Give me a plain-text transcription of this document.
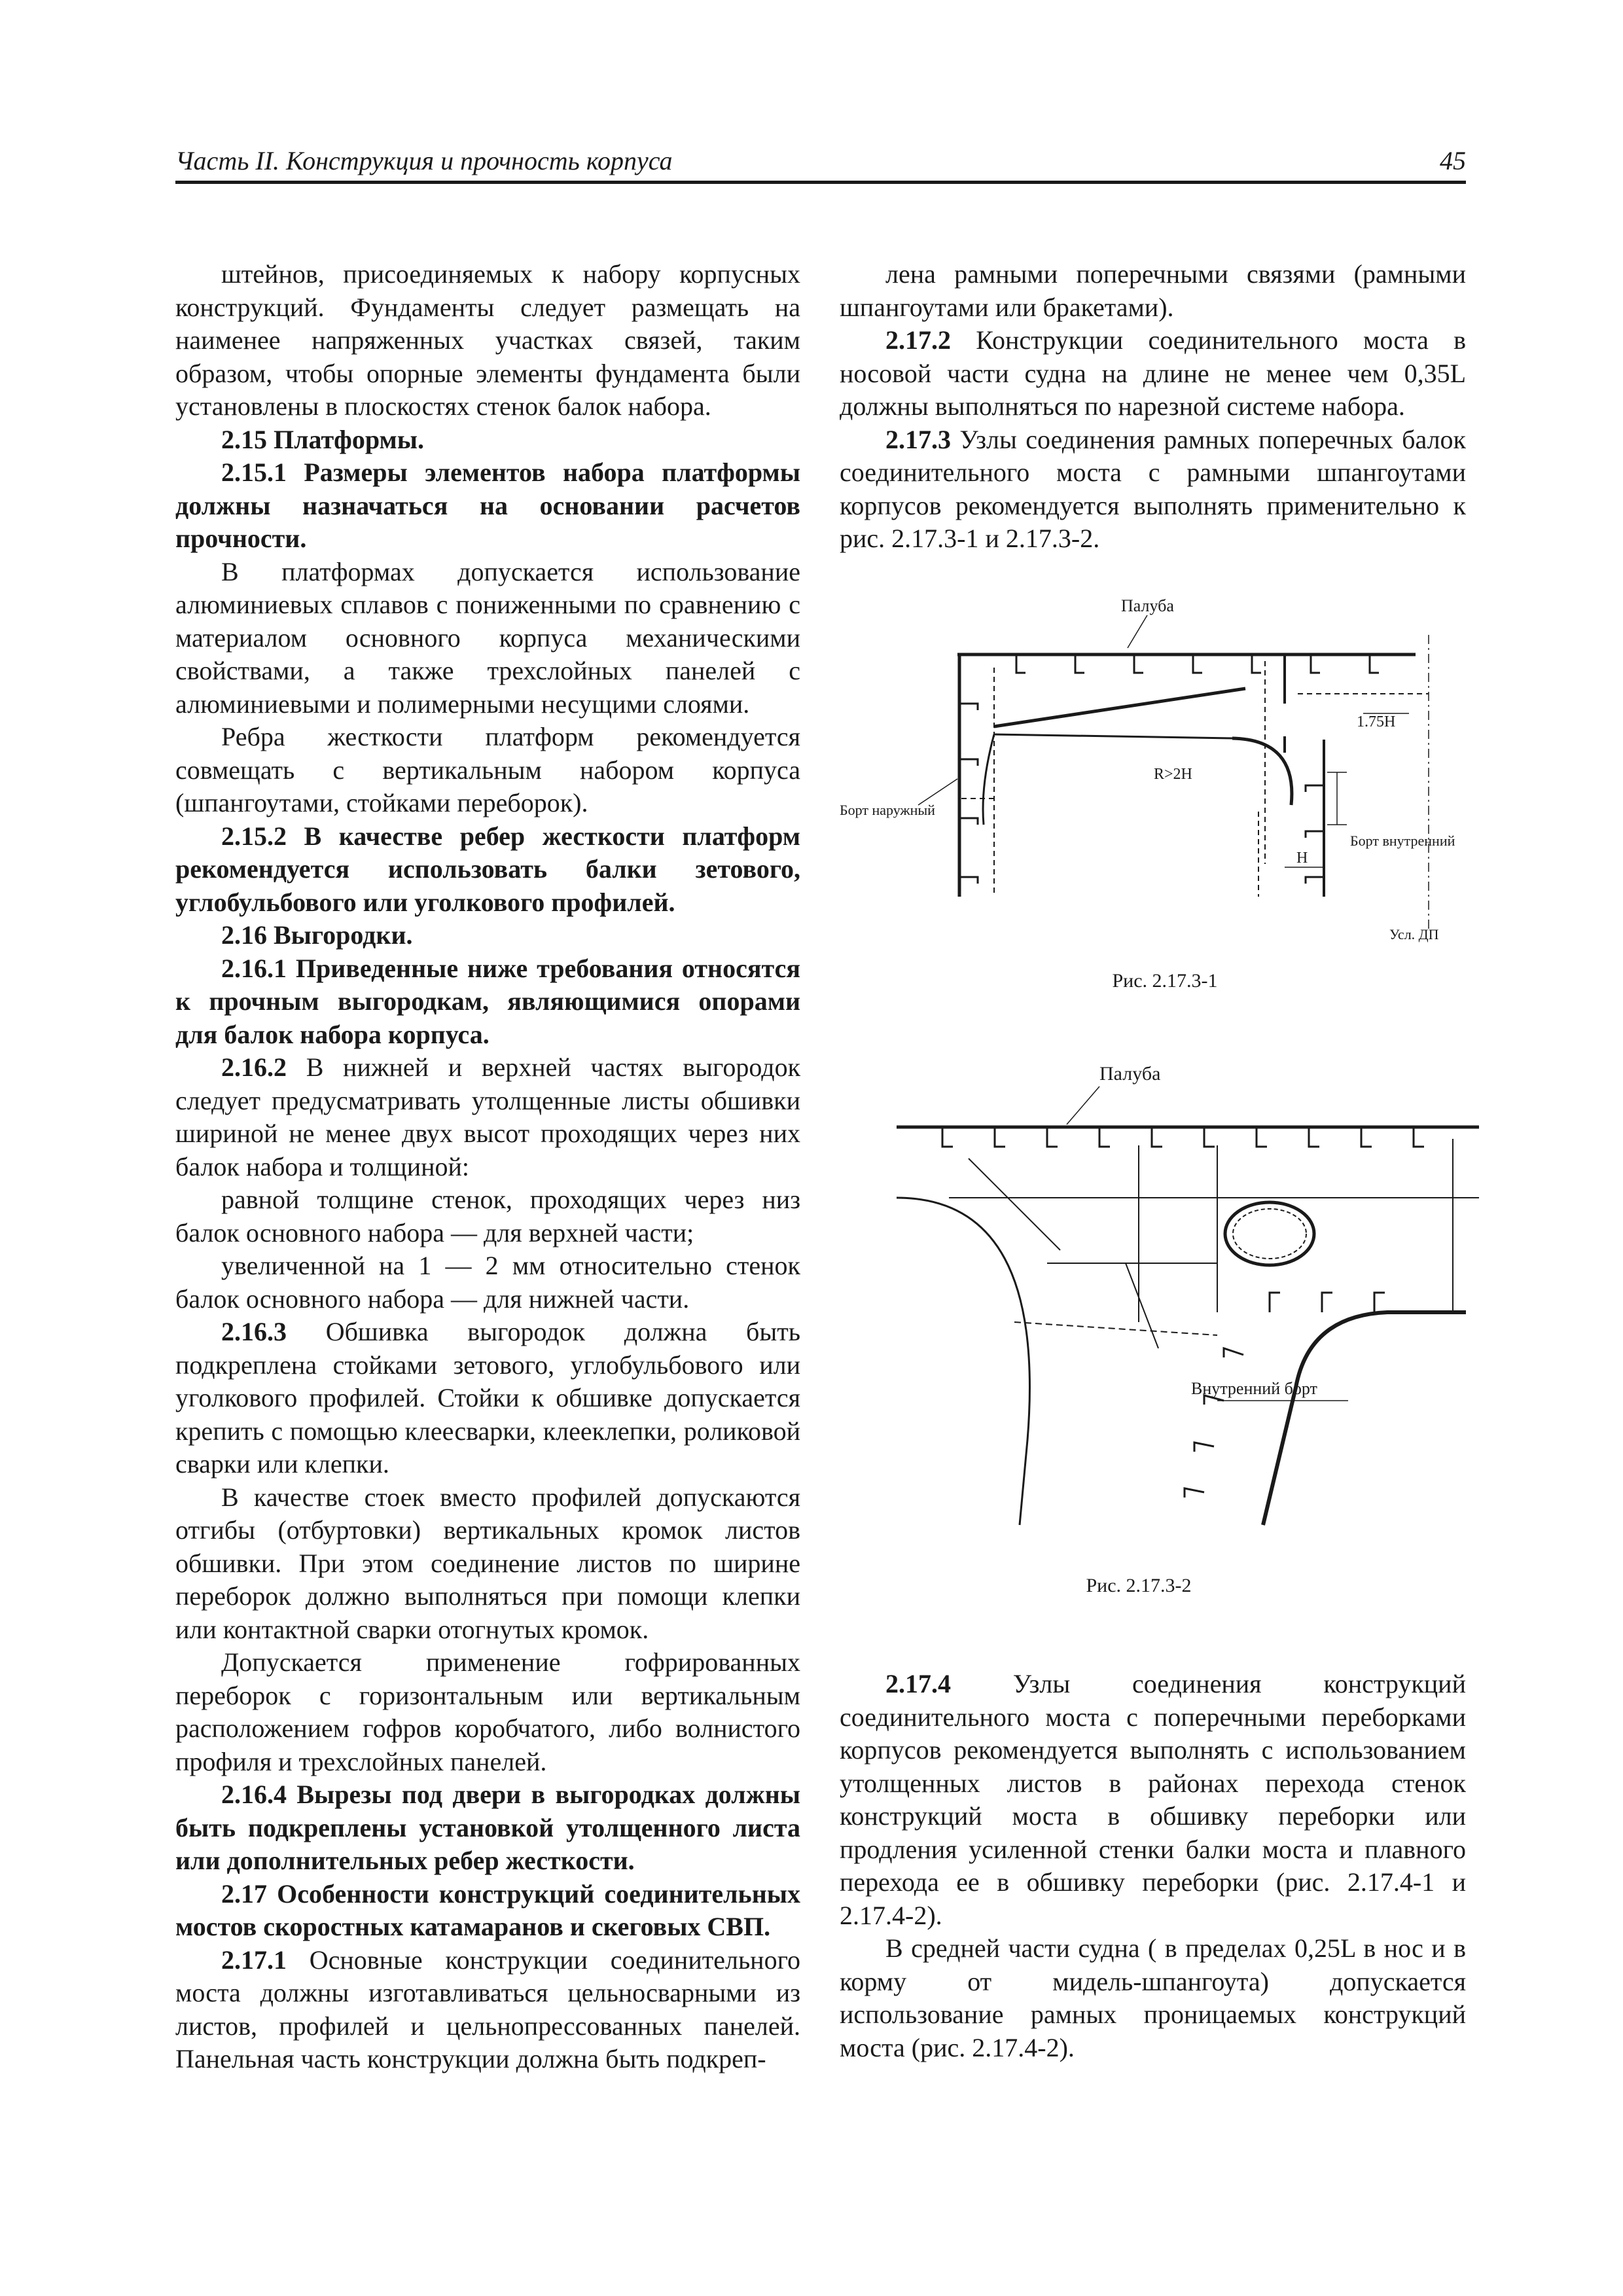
Часть II. Конструкция и прочность корпуса	45

штейнов, присоединяемых к набору корпусных конструкций. Фундаменты следует размещать на наименее напряженных участках связей, таким образом, чтобы опорные элементы фундамента были установлены в плоскостях стенок балок набора.

2.15 Платформы.

2.15.1 Размеры элементов набора платформы должны назначаться на основании расчетов прочности.

В платформах допускается использование алюминиевых сплавов с пониженными по сравнению с материалом основного корпуса механическими свойствами, а также трехслойных панелей с алюминиевыми и полимерными несущими слоями.

Ребра жесткости платформ рекомендуется совмещать с вертикальным набором корпуса (шпангоутами, стойками переборок).

2.15.2 В качестве ребер жесткости платформ рекомендуется использовать балки зетового, углобульбового или уголкового профилей.

2.16 Выгородки.

2.16.1 Приведенные ниже требования относятся к прочным выгородкам, являющимися опорами для балок набора корпуса.

2.16.2 В нижней и верхней частях выгородок следует предусматривать утолщенные листы обшивки шириной не менее двух высот проходящих через них балок набора и толщиной:

равной толщине стенок, проходящих через низ балок основного набора — для верхней части;

увеличенной на 1 — 2 мм относительно стенок балок основного набора — для нижней части.

2.16.3 Обшивка выгородок должна быть подкреплена стойками зетового, углобульбового или уголкового профилей. Стойки к обшивке допускается крепить с помощью клеесварки, клееклепки, роликовой сварки или клепки.

В качестве стоек вместо профилей допускаются отгибы (отбуртовки) вертикальных кромок листов обшивки. При этом соединение листов по ширине переборок должно выполняться при помощи клепки или контактной сварки отогнутых кромок.

Допускается применение гофрированных переборок с горизонтальным или вертикальным расположением гофров коробчатого, либо волнистого профиля и трехслойных панелей.

2.16.4 Вырезы под двери в выгородках должны быть подкреплены установкой утолщенного листа или дополнительных ребер жесткости.

2.17 Особенности конструкций соединительных мостов скоростных катамаранов и скеговых СВП.

2.17.1 Основные конструкции соединительного моста должны изготавливаться цельносварными из листов, профилей и цельнопрессованных панелей. Панельная часть конструкции должна быть подкреп-

лена рамными поперечными связями (рамными шпангоутами или бракетами).

2.17.2 Конструкции соединительного моста в носовой части судна на длине не менее чем 0,35L должны выполняться по нарезной системе набора.

2.17.3 Узлы соединения рамных поперечных балок соединительного моста с рамными шпангоутами корпусов рекомендуется выполнять применительно к рис. 2.17.3-1 и 2.17.3-2.

Палуба
Борт наружный
Борт внутренний
R>2H
H
1.75H
Усл. ДП
Рис. 2.17.3-1
Палуба
Внутренний борт
Рис. 2.17.3-2

2.17.4 Узлы соединения конструкций соединительного моста с поперечными переборками корпусов рекомендуется выполнять с использованием утолщенных листов в районах перехода стенок конструкций моста в обшивку переборки или продления усиленной стенки балки моста и плавного перехода ее в обшивку переборки (рис. 2.17.4-1 и 2.17.4-2).

В средней части судна ( в пределах 0,25L в нос и в корму от мидель-шпангоута) допускается использование рамных проницаемых конструкций моста (рис. 2.17.4-2).
